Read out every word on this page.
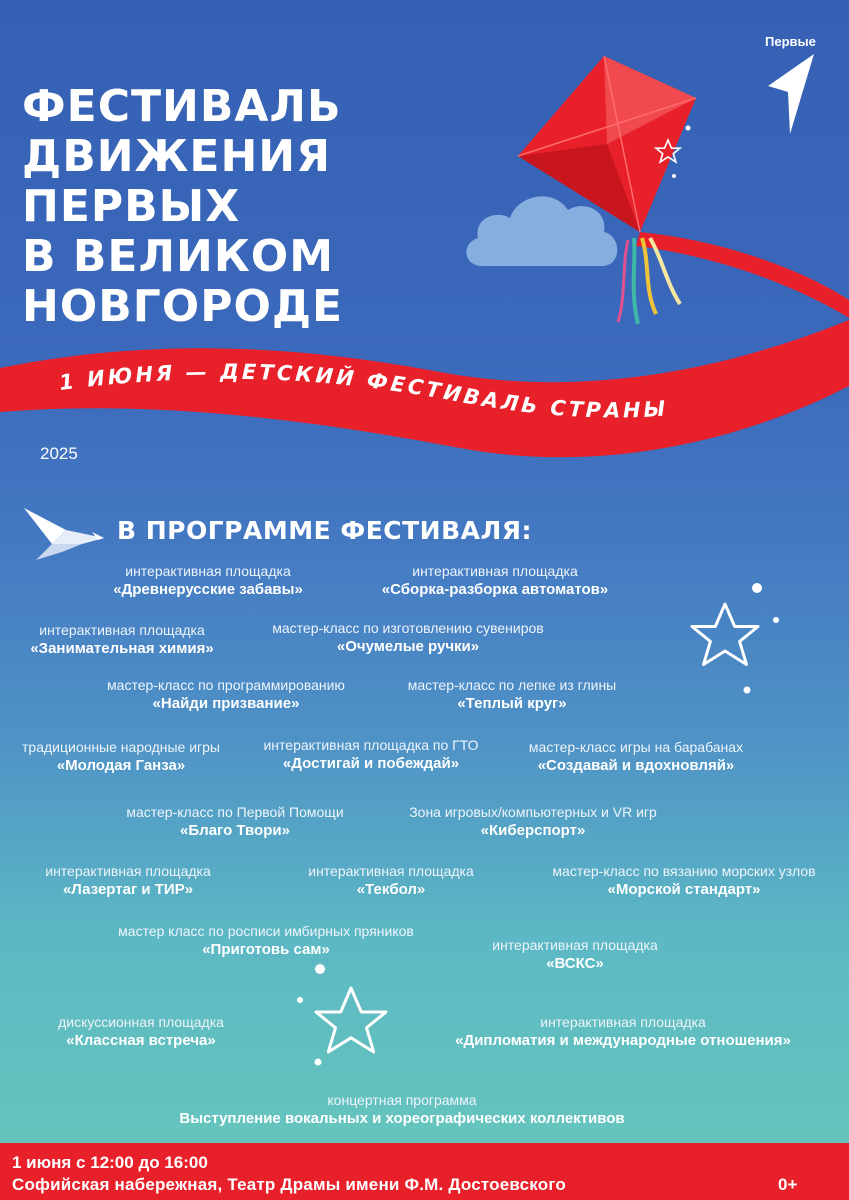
1 ИЮНЯ — ДЕТСКИЙ ФЕСТИВАЛЬ СТРАНЫ
Первые
ФЕСТИВАЛЬ
ДВИЖЕНИЯ
ПЕРВЫХ
В ВЕЛИКОМ
НОВГОРОДЕ
2025
В ПРОГРАММЕ ФЕСТИВАЛЯ:
интерактивная площадка
«Древнерусские забавы»
интерактивная площадка
«Сборка-разборка автоматов»
интерактивная площадка
«Занимательная химия»
мастер-класс по изготовлению сувениров
«Очумелые ручки»
мастер-класс по программированию
«Найди призвание»
мастер-класс по лепке из глины
«Теплый круг»
традиционные народные игры
«Молодая Ганза»
интерактивная площадка по ГТО
«Достигай и побеждай»
мастер-класс игры на барабанах
«Создавай и вдохновляй»
мастер-класс по Первой Помощи
«Благо Твори»
Зона игровых/компьютерных и VR игр
«Киберспорт»
интерактивная площадка
«Лазертаг и ТИР»
интерактивная площадка
«Текбол»
мастер-класс по вязанию морских узлов
«Морской стандарт»
мастер класс по росписи имбирных пряников
«Приготовь сам»	интерактивная площадка
«ВСКС»
дискуссионная площадка
«Классная встреча»
интерактивная площадка
«Дипломатия и международные отношения»
концертная программа
Выступление вокальных и хореографических коллективов
1 июня с 12:00 до 16:00
Софийская набережная, Театр Драмы имени Ф.М. Достоевского	0+
